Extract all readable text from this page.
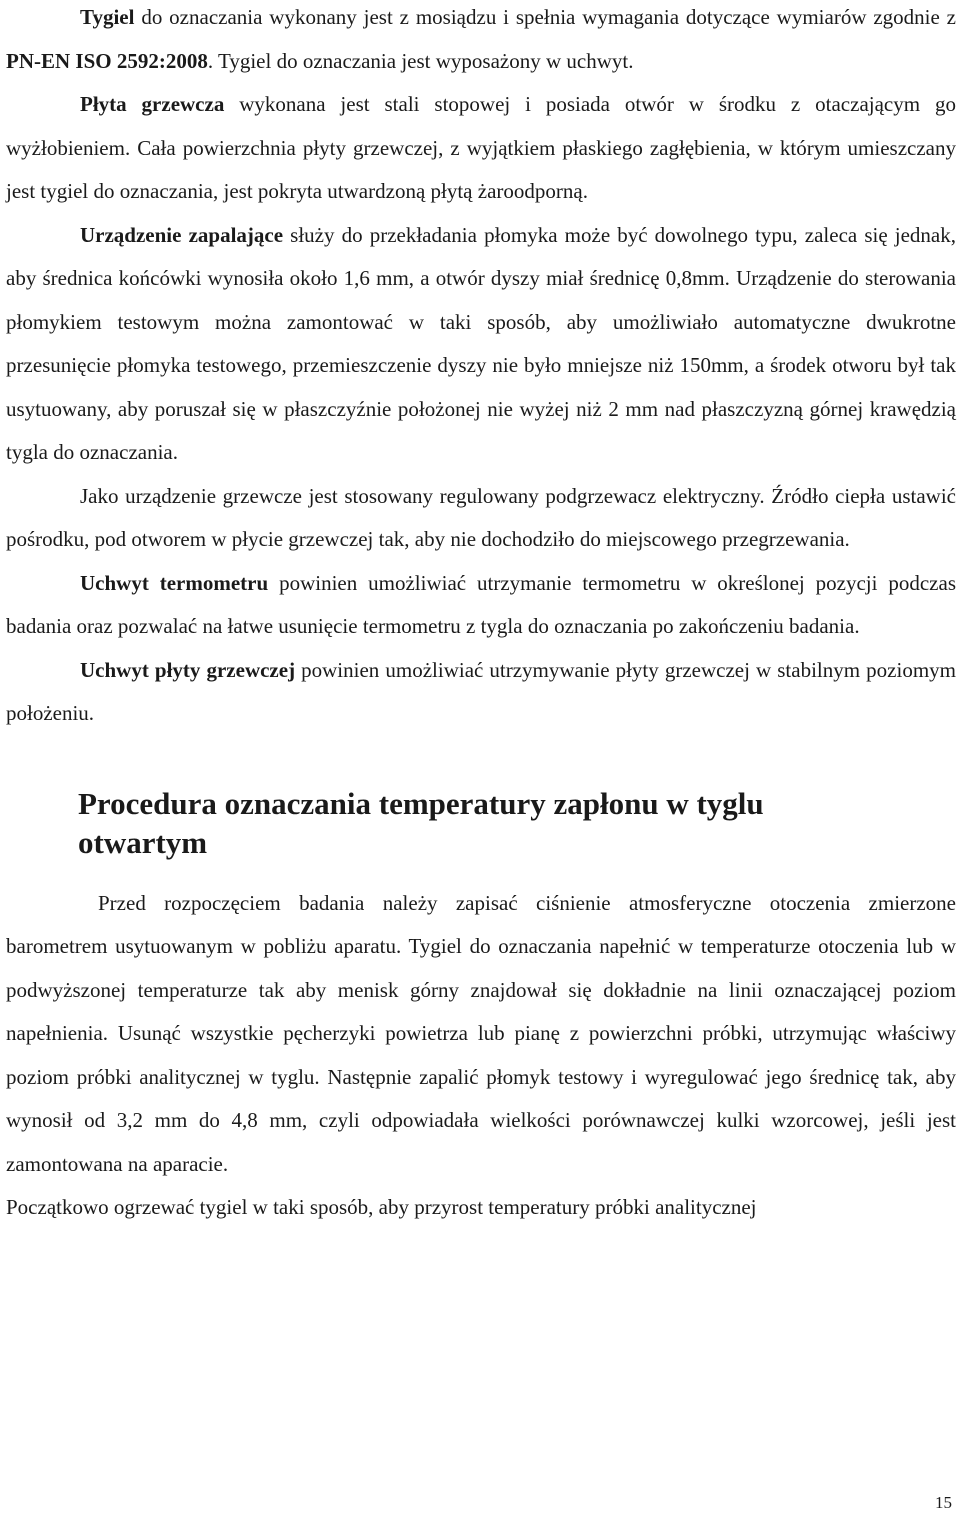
Tygiel do oznaczania wykonany jest z mosiądzu i spełnia wymagania dotyczące wymiarów zgodnie z PN-EN ISO 2592:2008. Tygiel do oznaczania jest wyposażony w uchwyt.

Płyta grzewcza wykonana jest stali stopowej i posiada otwór w środku z otaczającym go wyżłobieniem. Cała powierzchnia płyty grzewczej, z wyjątkiem płaskiego zagłębienia, w którym umieszczany jest tygiel do oznaczania, jest pokryta utwardzoną płytą żaroodporną.

Urządzenie zapalające służy do przekładania płomyka może być dowolnego typu, zaleca się jednak, aby średnica końcówki wynosiła około 1,6 mm, a otwór dyszy miał średnicę 0,8mm. Urządzenie do sterowania płomykiem testowym można zamontować w taki sposób, aby umożliwiało automatyczne dwukrotne przesunięcie płomyka testowego, przemieszczenie dyszy nie było mniejsze niż 150mm, a środek otworu był tak usytuowany, aby poruszał się w płaszczyźnie położonej nie wyżej niż 2 mm nad płaszczyzną górnej krawędzią tygla do oznaczania.

Jako urządzenie grzewcze jest stosowany regulowany podgrzewacz elektryczny. Źródło ciepła ustawić pośrodku, pod otworem w płycie grzewczej tak, aby nie dochodziło do miejscowego przegrzewania.

Uchwyt termometru powinien umożliwiać utrzymanie termometru w określonej pozycji podczas badania oraz pozwalać na łatwe usunięcie termometru z tygla do oznaczania po zakończeniu badania.

Uchwyt płyty grzewczej powinien umożliwiać utrzymywanie płyty grzewczej w stabilnym poziomym położeniu.

Procedura oznaczania temperatury zapłonu w tyglu otwartym

Przed rozpoczęciem badania należy zapisać ciśnienie atmosferyczne otoczenia zmierzone barometrem usytuowanym w pobliżu aparatu. Tygiel do oznaczania napełnić w temperaturze otoczenia lub w podwyższonej temperaturze tak aby menisk górny znajdował się dokładnie na linii oznaczającej poziom napełnienia. Usunąć wszystkie pęcherzyki powietrza lub pianę z powierzchni próbki, utrzymując właściwy poziom próbki analitycznej w tyglu. Następnie zapalić płomyk testowy i wyregulować jego średnicę tak, aby wynosił od 3,2 mm do 4,8 mm, czyli odpowiadała wielkości porównawczej kulki wzorcowej, jeśli jest zamontowana na aparacie.

Początkowo ogrzewać tygiel w taki sposób, aby przyrost temperatury próbki analitycznej

15
